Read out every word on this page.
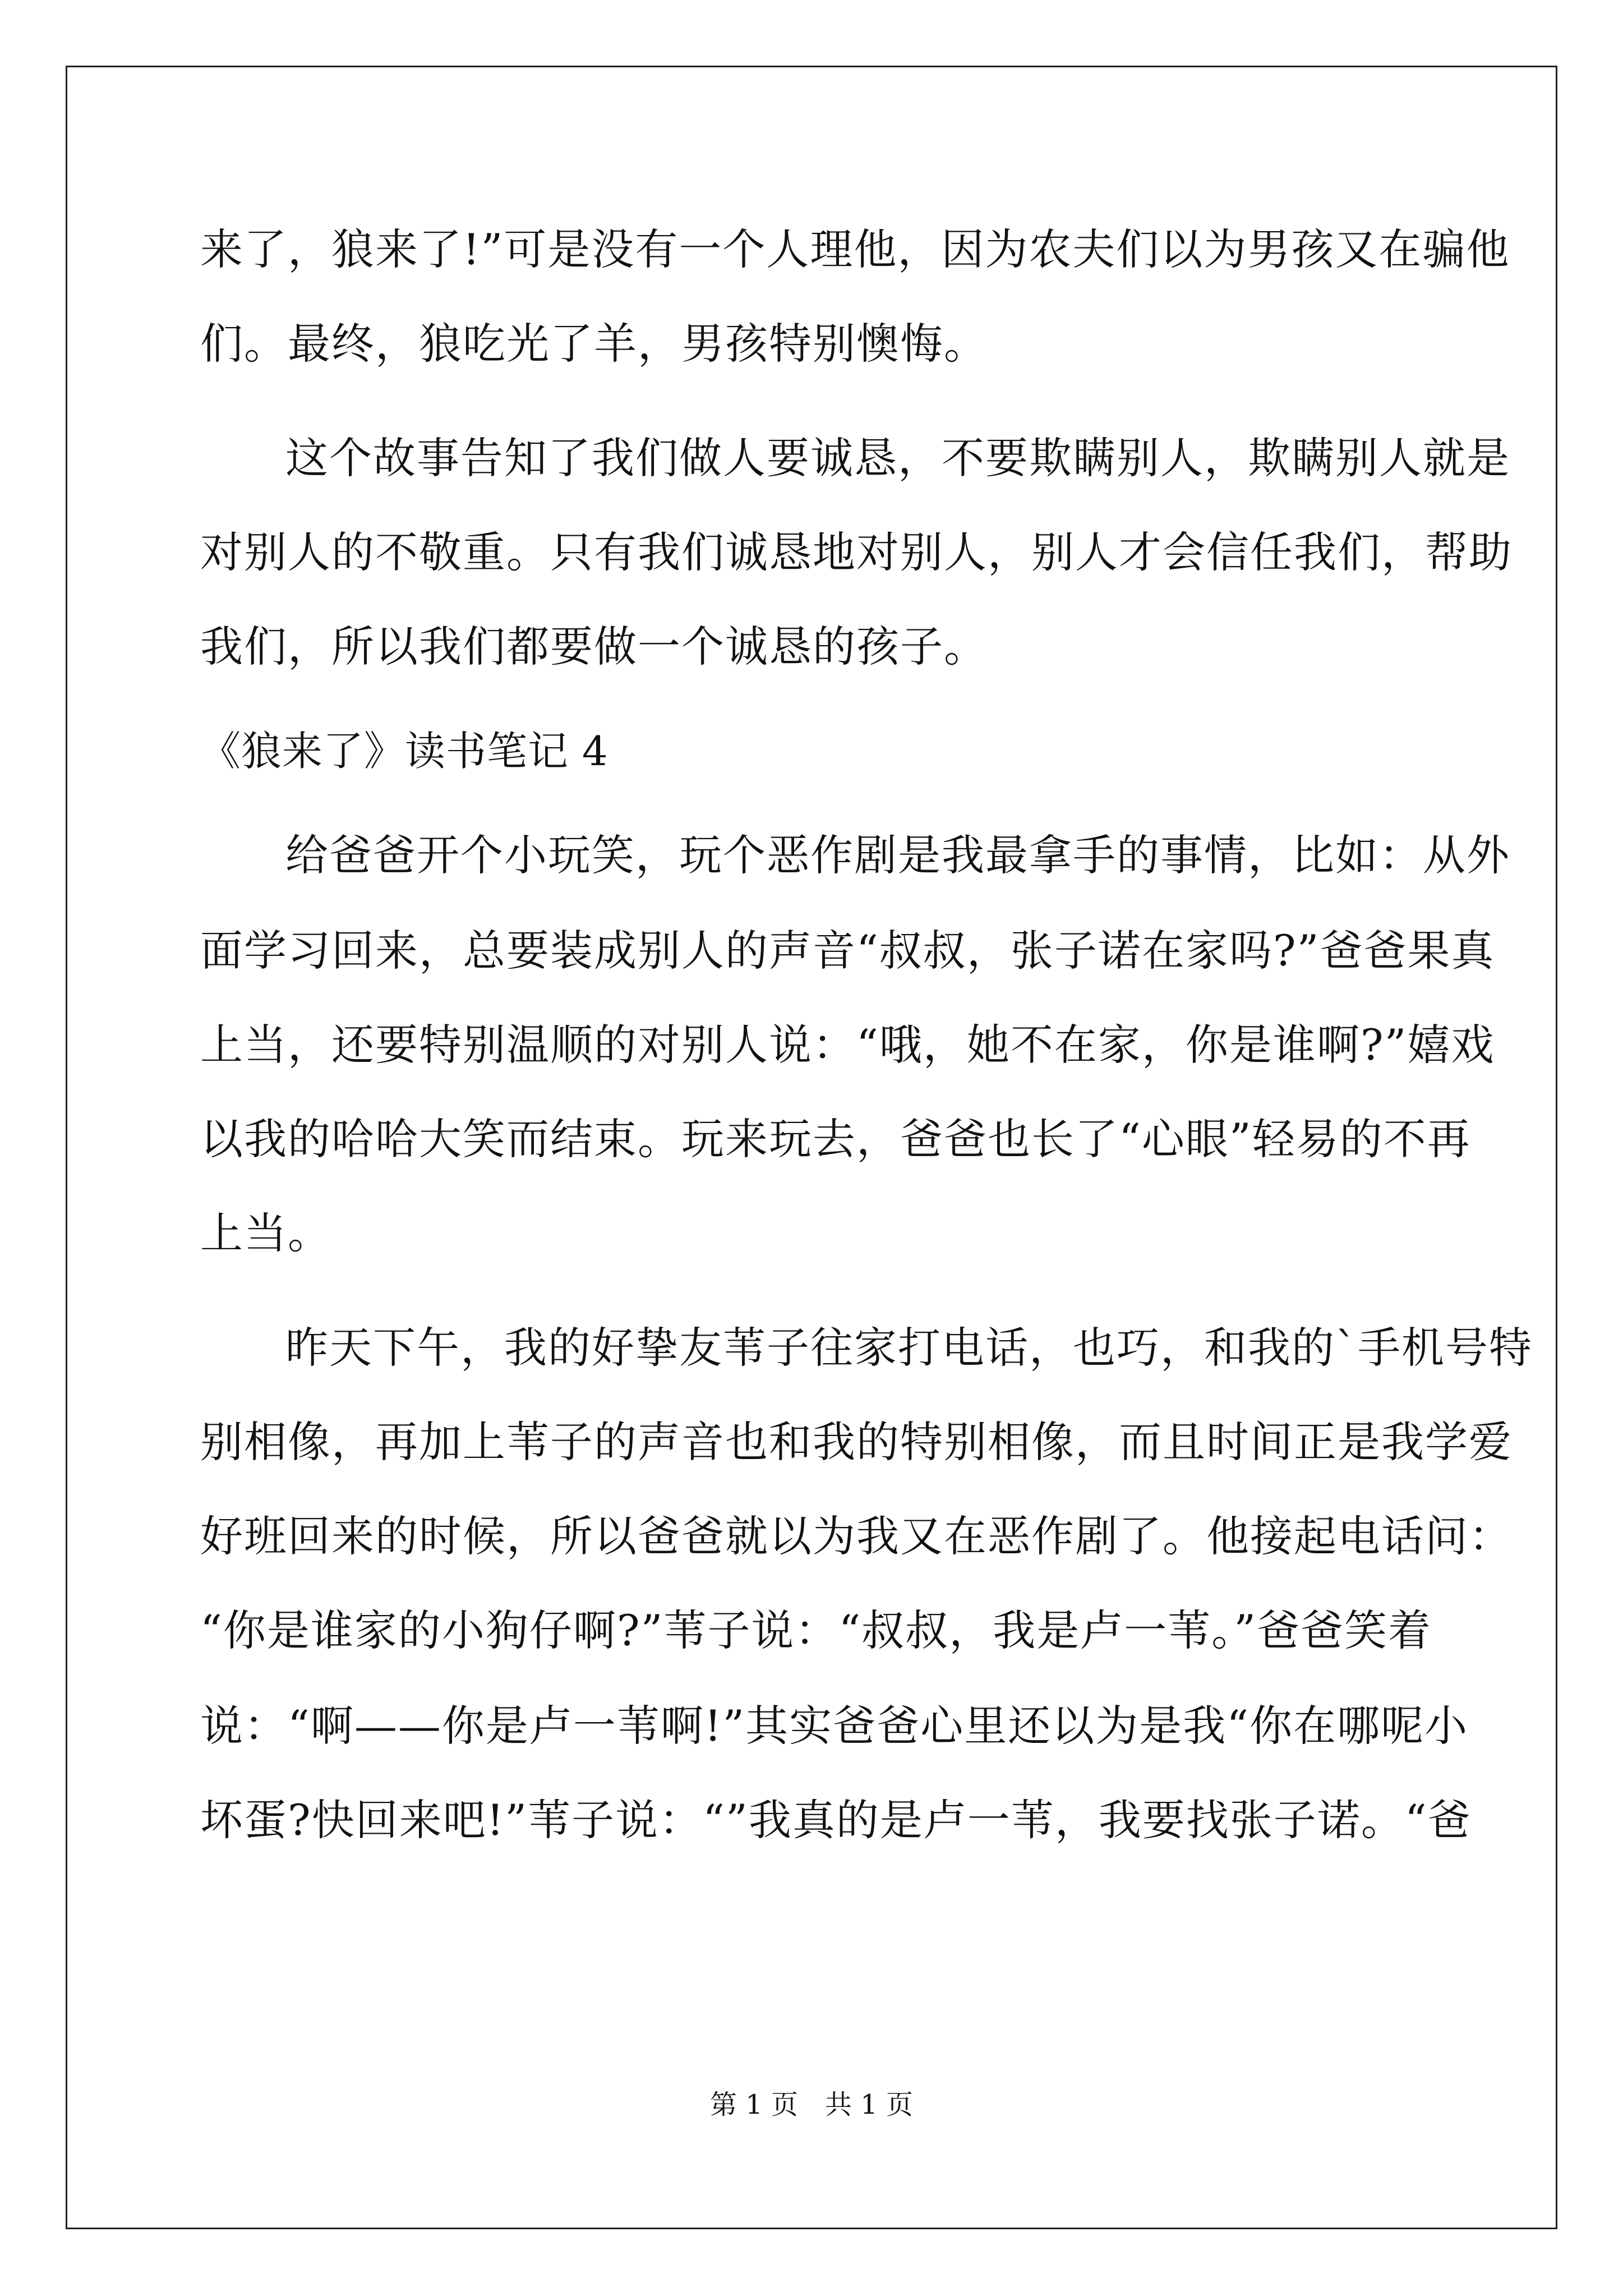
来了，狼来了!”可是没有一个人理他，因为农夫们以为男孩又在骗他
们。最终，狼吃光了羊，男孩特别懊悔。
这个故事告知了我们做人要诚恳，不要欺瞒别人，欺瞒别人就是
对别人的不敬重。只有我们诚恳地对别人，别人才会信任我们，帮助
我们，所以我们都要做一个诚恳的孩子。
《狼来了》读书笔记 4
给爸爸开个小玩笑，玩个恶作剧是我最拿手的事情，比如：从外
面学习回来，总要装成别人的声音“叔叔，张子诺在家吗?”爸爸果真
上当，还要特别温顺的对别人说：“哦，她不在家，你是谁啊?”嬉戏
以我的哈哈大笑而结束。玩来玩去，爸爸也长了“心眼”轻易的不再
上当。
昨天下午，我的好挚友苇子往家打电话，也巧，和我的`手机号特
别相像，再加上苇子的声音也和我的特别相像，而且时间正是我学爱
好班回来的时候，所以爸爸就以为我又在恶作剧了。他接起电话问：
“你是谁家的小狗仔啊?”苇子说：“叔叔，我是卢一苇。”爸爸笑着
说：“啊——你是卢一苇啊!”其实爸爸心里还以为是我“你在哪呢小
坏蛋?快回来吧!”苇子说：“”我真的是卢一苇，我要找张子诺。“爸
第 1 页　共 1 页
